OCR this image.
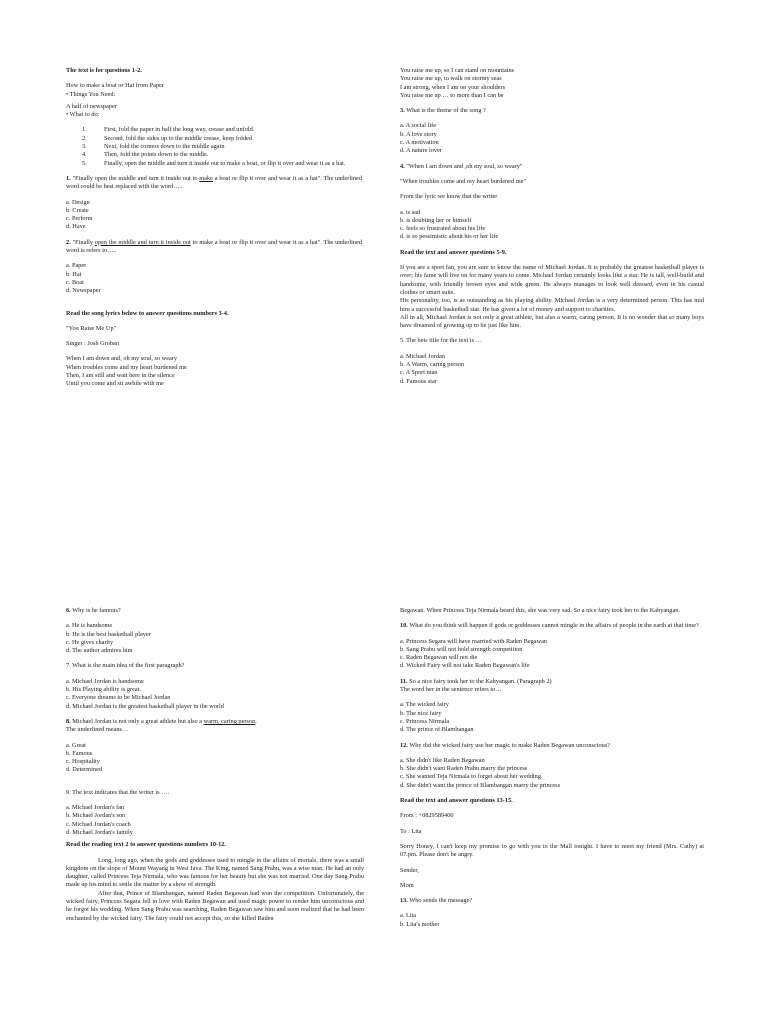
The text is for questions 1-2.

How to make a boat or Hat from Paper

• Things You Need:

A half of newspaper

• What to do:

1.	First, fold the paper in half the long way, crease and unfold.
2.	Second, fold the sides up to the middle crease, keep folded
3.	Next, fold the corners down to the middle again
4.	Then, fold the points down to the middle.
5.	Finally, open the middle and turn it inside out to make a boat, or flip it over and wear it as a hat.

1. "Finally open the middle and turn it inside out to make a boat or flip it over and wear it as a hat". The underlined word could be best replaced with the word…..

a. Design

b. Create

c. Perform

d. Have

2. "Finally open the middle and turn it inside out to make a boat or flip it over and wear it as a hat". The underlined word is refers to…..

a. Paper

b. Hat

c. Boat

d. Newspaper

Read the song lyrics below to answer questions numbers 3-4.

"You Raise Me Up"

Singer : Josh Groban

When I am down and, oh my soul, so weary

When troubles come and my heart burdened me

Then, I am still and wait here in the silence

Until you come and sit awhile with me

You raise me up, so I can stand on mountains

You raise me up, to walk on stormy seas

I am strong, when I am on your shoulders

You raise me up … to more than I can be

3. What is the theme of the song ?

a. A social life

b. A love story

c. A motivation

d. A nature lover

4. "When I am down and ,oh my soul, so weary"

"When troubles come and my heart burdened me"

From the lyric we know that the writer

a. is sad

b. is doubting her or himself

c. feels so frustrated about his life

d. is so pessimistic about his or her life

Read the text and answer questions 5-9.

If you are a sport fan, you are sure to know the name of Michael Jordan. It is probably the greatest basketball player is over; his fame will live on for many years to come. Michael Jordan certainly looks like a star. He is tall, well-build and handsome, with friendly brown eyes and wide green. He always manages to look well dressed, even in his casual clothes or smart suits.

His personality, too, is as outstanding as his playing ability. Michael Jordan is a very determined person. This has mid him a successful basketball star. He has given a lot of money and support to charities.

All in all, Michael Jordan is not only a great athlete, but also a warm, caring person. It is no wonder that so many boys have dreamed of growing up to be just like him.

5. The bets title for the text is …

a. Michael Jordan

b. A Warm, caring person

c. A Sport man

d. Famous star

6. Why is he famous?

a. He is handsome

b. He is the best basketball player

c. He gives charity

d. The author admires him

7. What is the main idea of the first paragraph?

a. Michael Jordan is handsome

b. His Playing ability is great.

c. Everyone dreams to be Michael Jordan

d. Michael Jordan is the greatest basketball player in the world

8. Michael Jordan is not only a great athlete but also a warm, caring person.

The underlined means…

a. Great

b. Famous

c. Hospitality

d. Determined

9. The text indicates that the writer is ….

a. Michael Jordan's fan

b. Michael Jordan's son

c. Michael Jordan's coach

d. Michael Jordan's family

Read the reading text 2 to answer questions numbers 10-12.

Long, long ago, when the gods and goddesses used to mingle in the affairs of mortals, there was a small kingdom on the slope of Mount Wayang in West Java. The King, named Sang Prabu, was a wise man. He had an only daughter, called Princess Teja Nirmala, who was famous for her beauty but she was not married. One day Sang Prabu made up his mind to settle the matter by a show of strength.

After that, Prince of Blambangan, named Raden Begawan had won the competition. Unfortunately, the wicked fairy, Princess Segara fell in love with Raden Begawan and used magic power to render him unconscious and he forgot his wedding. When Sang Prabu was searching, Raden Begawan saw him and soon realized that he had been enchanted by the wicked fairy. The fairy could not accept this, so she killed Raden

Begawan. When Princess Teja Nirmala heard this, she was very sad. So a nice fairy took her to the Kahyangan.

10. What do you think will happen if gods or goddesses cannot mingle in the affairs of people in the earth at that time?

a. Princess Segara will have married with Raden Begawan

b. Sang Prabu will not hold strength competition

c. Raden Begawan will not die

d. Wicked Fairy will not take Raden Begawan's life

11. So a nice fairy took her to the Kahyangan. (Paragraph 2)

The word her in the sentence refers to…

a. The wicked fairy

b. The nice fairy

c. Princess Nirmala

d. The prince of Blambangan

12. Why did the wicked fairy use her magic to make Raden Begawan unconscious?

a. She didn't like Raden Begawan

b. She didn't want Raden Prabu marry the princess

c. She wanted Teja Nirmala to forget about her wedding

d. She didn't want the prince of Blambangan marry the princess

Read the text and answer questions 13-15.

From : +0829589400

To : Lita

Sorry Honey, I can't keep my promise to go with you to the Mall tonight. I have to meet my friend (Mrs. Cathy) at 07.pm. Please don't be angry.

Sender,

Mom

13. Who sends the message?

a. Lita

b. Lita's mother
